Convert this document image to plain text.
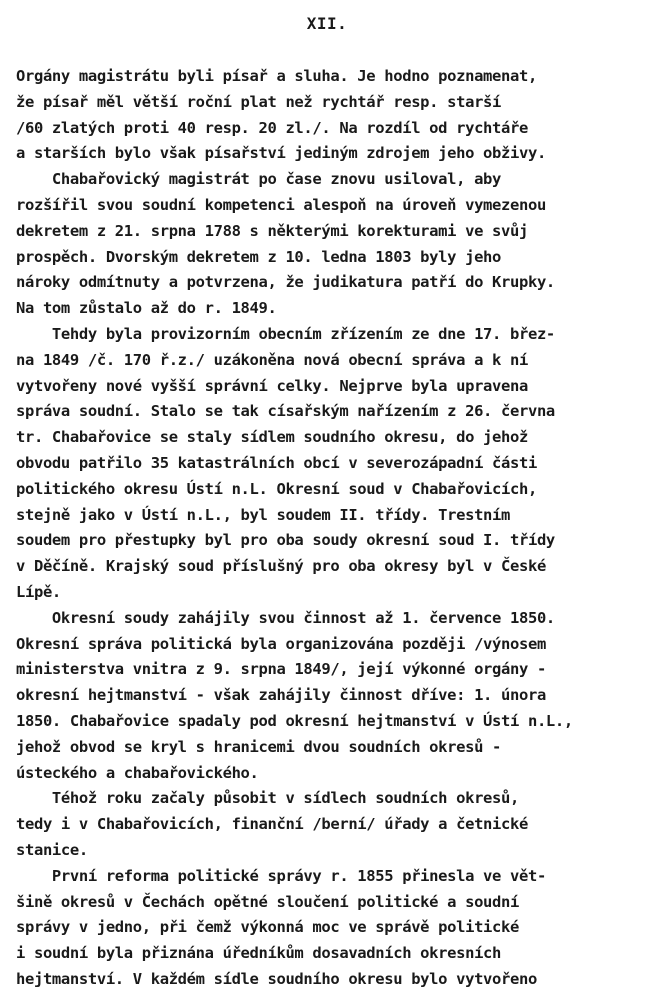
XII.
Orgány magistrátu byli písař a sluha. Je hodno poznamenat,
že písař měl větší roční plat než rychtář resp. starší
/60 zlatých proti 40 resp. 20 zl./. Na rozdíl od rychtáře
a starších bylo však písařství jediným zdrojem jeho obživy.
Chabařovický magistrát po čase znovu usiloval, aby
rozšířil svou soudní kompetenci alespoň na úroveň vymezenou
dekretem z 21. srpna 1788 s některými korekturami ve svůj
prospěch. Dvorským dekretem z 10. ledna 1803 byly jeho
nároky odmítnuty a potvrzena, že judikatura patří do Krupky.
Na tom zůstalo až do r. 1849.
Tehdy byla provizorním obecním zřízením ze dne 17. břez-
na 1849 /č. 170 ř.z./ uzákoněna nová obecní správa a k ní
vytvořeny nové vyšší správní celky. Nejprve byla upravena
správa soudní. Stalo se tak císařským nařízením z 26. června
tr. Chabařovice se staly sídlem soudního okresu, do jehož
obvodu patřilo 35 katastrálních obcí v severozápadní části
politického okresu Ústí n.L. Okresní soud v Chabařovicích,
stejně jako v Ústí n.L., byl soudem II. třídy. Trestním
soudem pro přestupky byl pro oba soudy okresní soud I. třídy
v Děčíně. Krajský soud příslušný pro oba okresy byl v České
Lípě.
Okresní soudy zahájily svou činnost až 1. července 1850.
Okresní správa politická byla organizována později /výnosem
ministerstva vnitra z 9. srpna 1849/, její výkonné orgány -
okresní hejtmanství - však zahájily činnost dříve: 1. února
1850. Chabařovice spadaly pod okresní hejtmanství v Ústí n.L.,
jehož obvod se kryl s hranicemi dvou soudních okresů -
ústeckého a chabařovického.
Téhož roku začaly působit v sídlech soudních okresů,
tedy i v Chabařovicích, finanční /berní/ úřady a četnické
stanice.
První reforma politické správy r. 1855 přinesla ve vět-
šině okresů v Čechách opětné sloučení politické a soudní
správy v jedno, při čemž výkonná moc ve správě politické
i soudní byla přiznána úředníkům dosavadních okresních
hejtmanství. V každém sídle soudního okresu bylo vytvořeno
